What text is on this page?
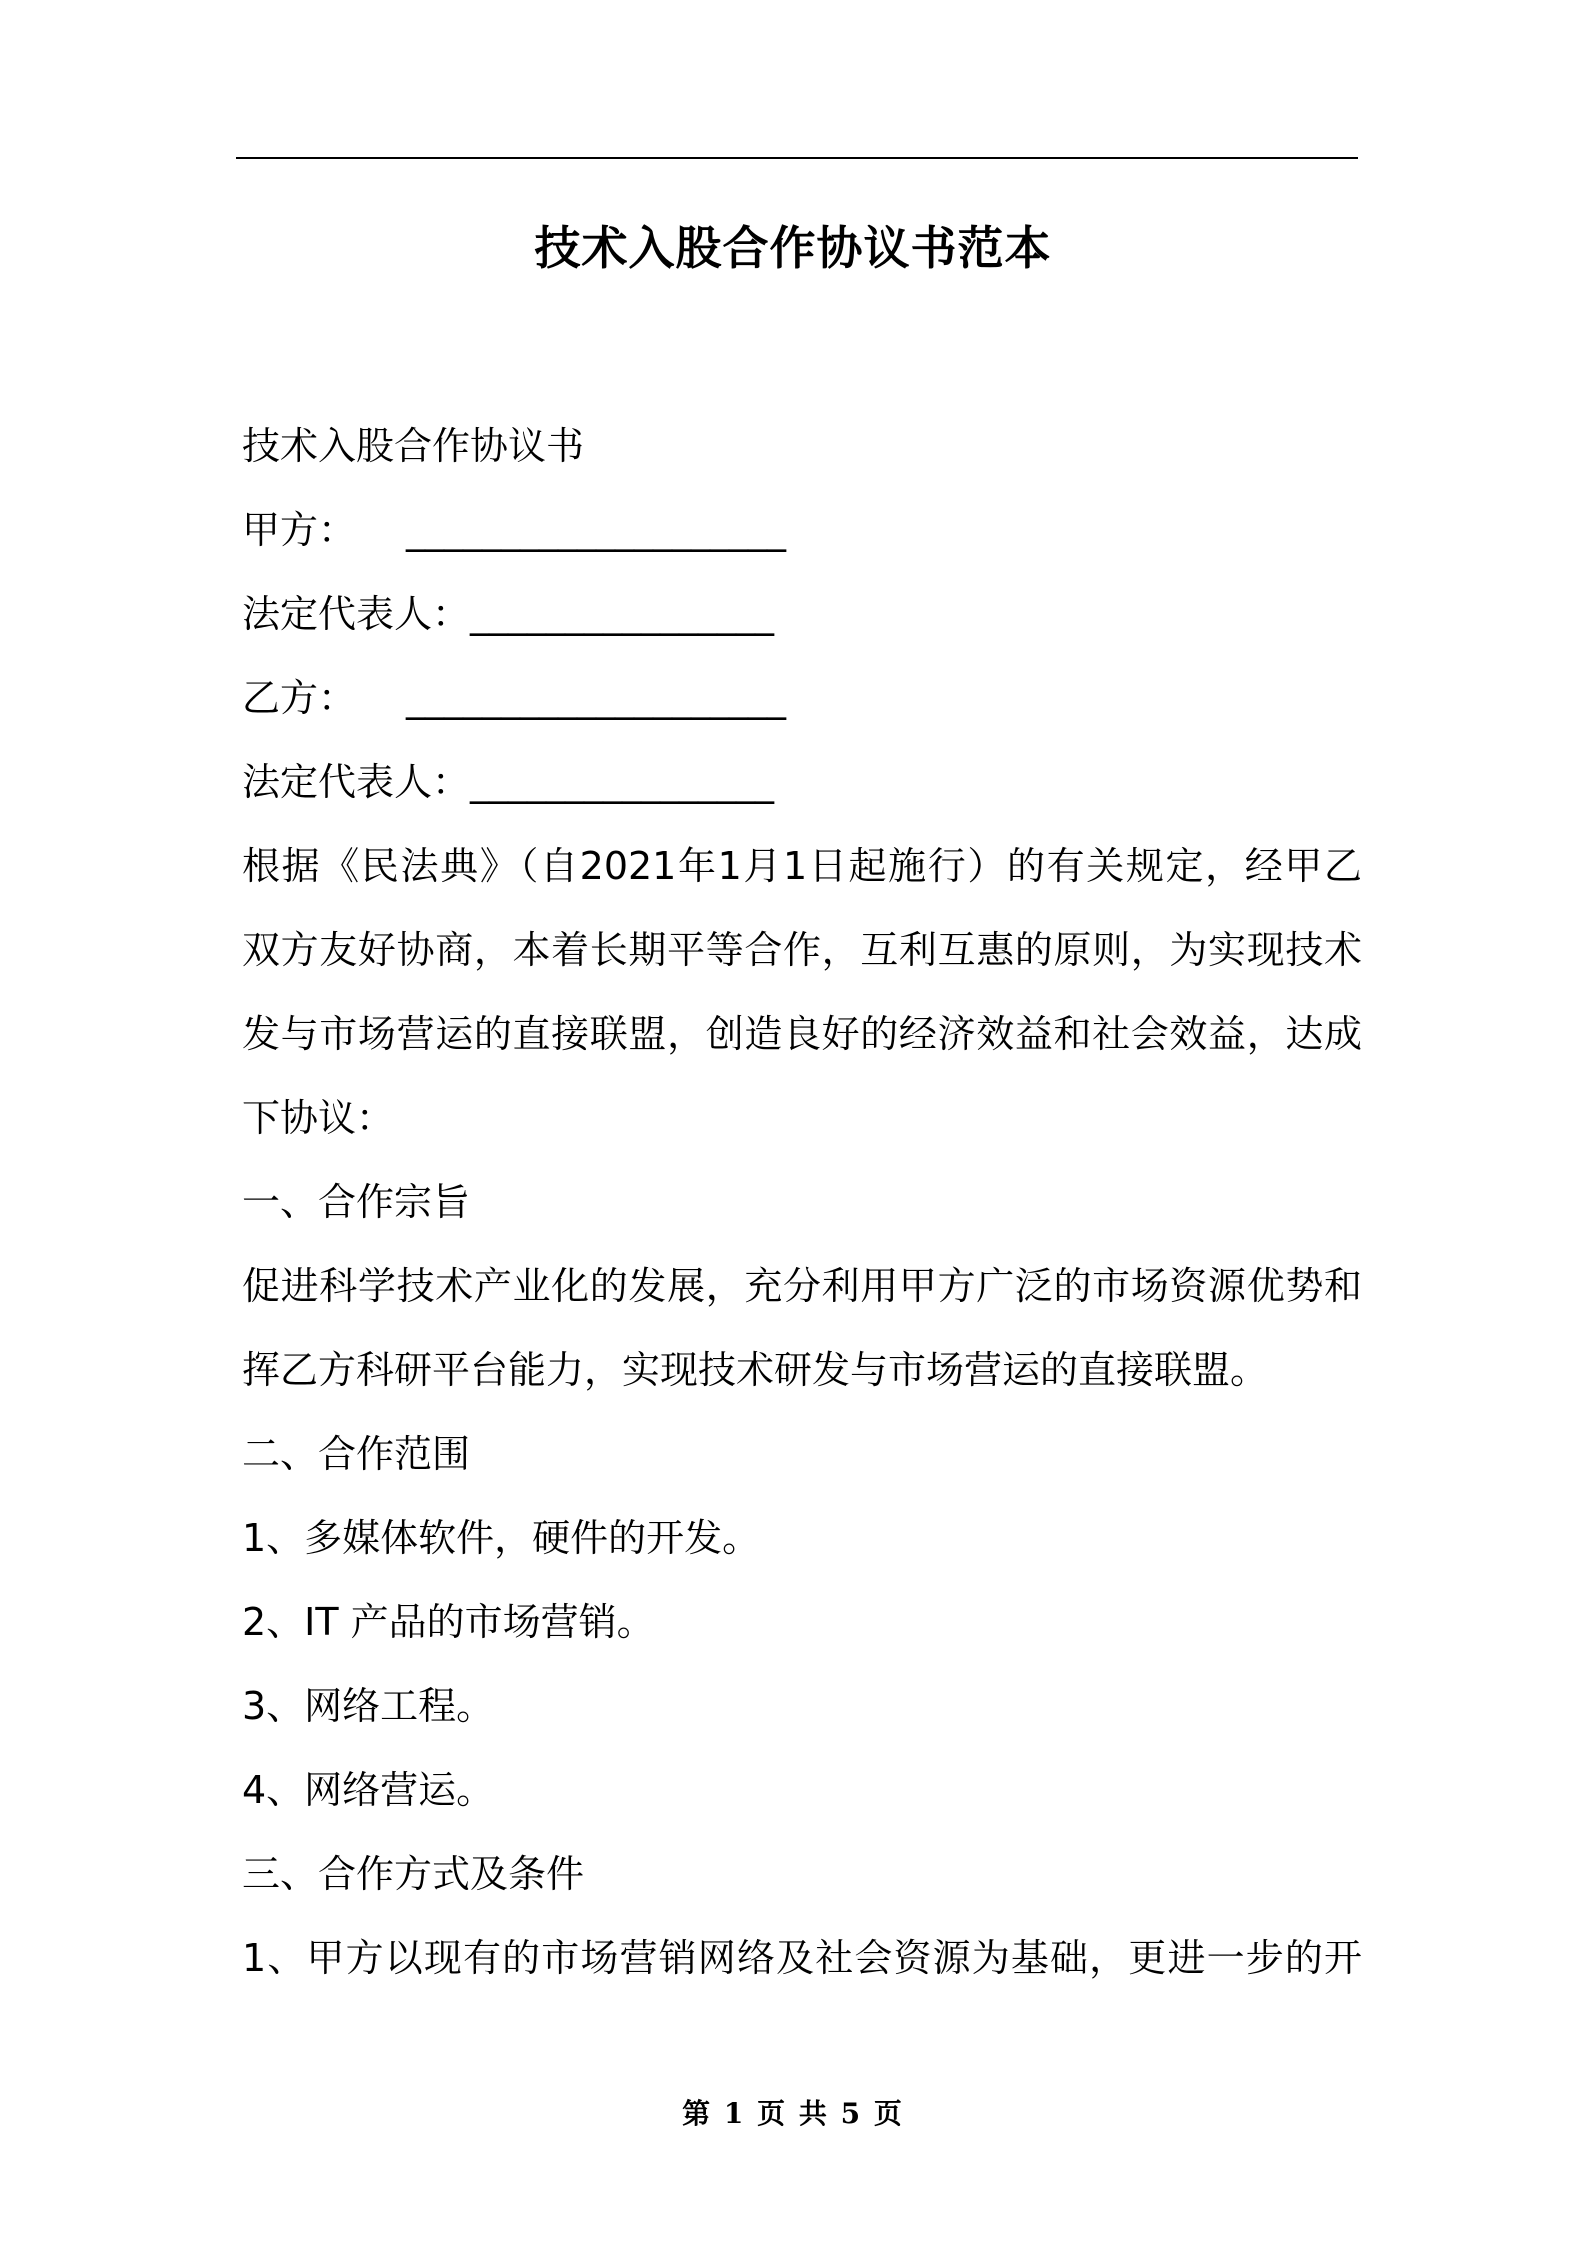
技术入股合作协议书范本
技术入股合作协议书
甲方： ____________________
法定代表人：________________
乙方： ____________________
法定代表人：________________
根据《民法典》（自2021年1月1日起施行）的有关规定，经甲乙
双方友好协商，本着长期平等合作，互利互惠的原则，为实现技术
发与市场营运的直接联盟，创造良好的经济效益和社会效益，达成
下协议：
一、合作宗旨
促进科学技术产业化的发展，充分利用甲方广泛的市场资源优势和
挥乙方科研平台能力，实现技术研发与市场营运的直接联盟。
二、合作范围
1、多媒体软件，硬件的开发。
2、IT 产品的市场营销。
3、网络工程。
4、网络营运。
三、合作方式及条件
1、甲方以现有的市场营销网络及社会资源为基础，更进一步的开
第 1 页 共 5 页
